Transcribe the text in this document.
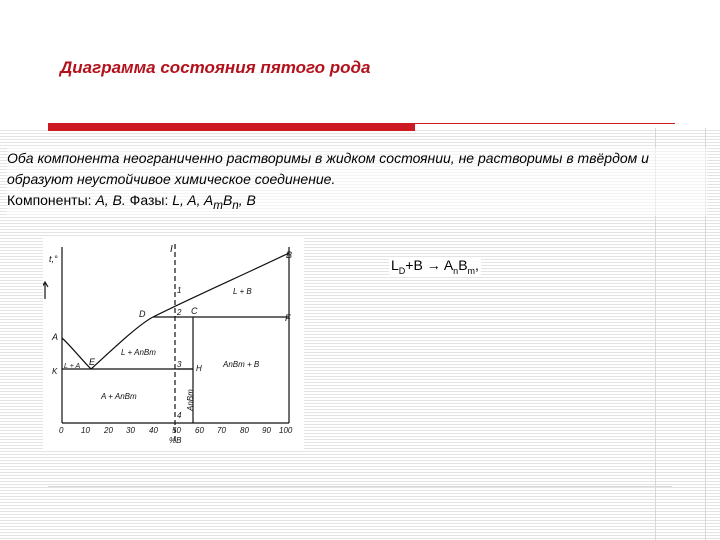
Диаграмма состояния пятого рода

Оба компонента неограниченно растворимы в жидком состоянии, не растворимы в твёрдом и образуют неустойчивое химическое соединение.

Компоненты: A, B. Фазы: L, A, $A_mB_n$, B

t,°
I
A
K
B
D	C
E
F
H
1
2
3
4
L + B
L + AnBm
AnBm + B
L + A
A + AnBm	AnBm
0 10 20 30 40 50 60 70 80 90 100
%B
$L_D+B \to A_nB_m$,
